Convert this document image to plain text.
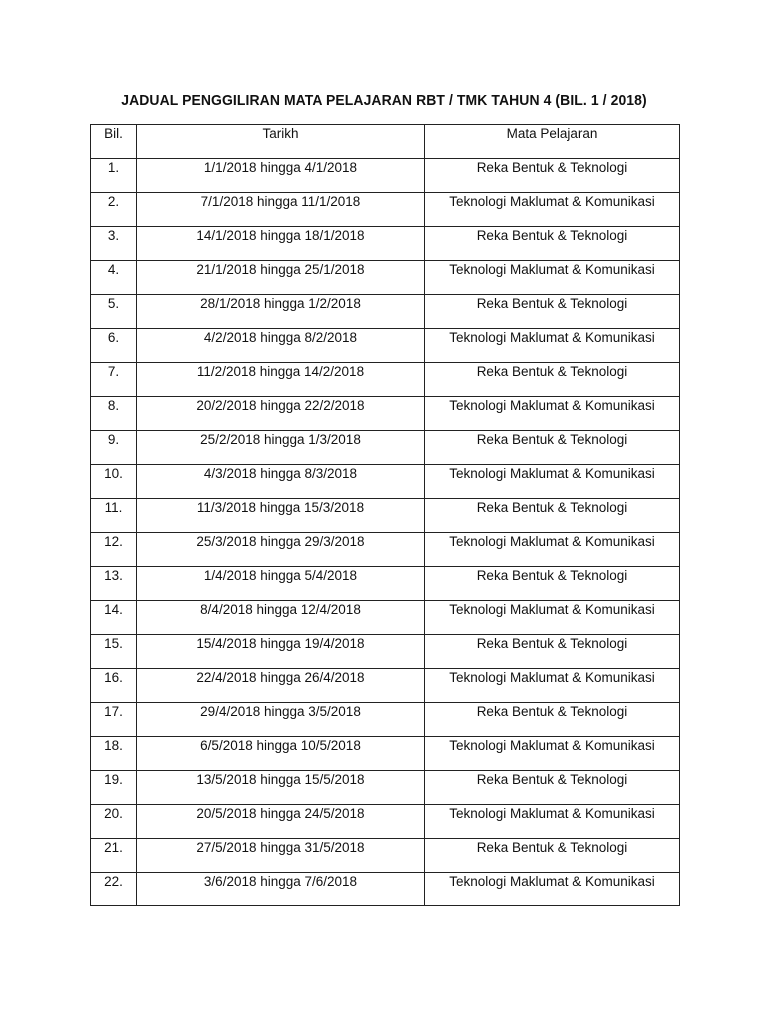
JADUAL PENGGILIRAN MATA PELAJARAN RBT / TMK TAHUN 4 (BIL. 1 / 2018)
Bil.	Tarikh	Mata Pelajaran
1.	1/1/2018 hingga 4/1/2018	Reka Bentuk & Teknologi
2.	7/1/2018 hingga 11/1/2018	Teknologi Maklumat & Komunikasi
3.	14/1/2018 hingga 18/1/2018	Reka Bentuk & Teknologi
4.	21/1/2018 hingga 25/1/2018	Teknologi Maklumat & Komunikasi
5.	28/1/2018 hingga 1/2/2018	Reka Bentuk & Teknologi
6.	4/2/2018 hingga 8/2/2018	Teknologi Maklumat & Komunikasi
7.	11/2/2018 hingga 14/2/2018	Reka Bentuk & Teknologi
8.	20/2/2018 hingga 22/2/2018	Teknologi Maklumat & Komunikasi
9.	25/2/2018 hingga 1/3/2018	Reka Bentuk & Teknologi
10.	4/3/2018 hingga 8/3/2018	Teknologi Maklumat & Komunikasi
11.	11/3/2018 hingga 15/3/2018	Reka Bentuk & Teknologi
12.	25/3/2018 hingga 29/3/2018	Teknologi Maklumat & Komunikasi
13.	1/4/2018 hingga 5/4/2018	Reka Bentuk & Teknologi
14.	8/4/2018 hingga 12/4/2018	Teknologi Maklumat & Komunikasi
15.	15/4/2018 hingga 19/4/2018	Reka Bentuk & Teknologi
16.	22/4/2018 hingga 26/4/2018	Teknologi Maklumat & Komunikasi
17.	29/4/2018 hingga 3/5/2018	Reka Bentuk & Teknologi
18.	6/5/2018 hingga 10/5/2018	Teknologi Maklumat & Komunikasi
19.	13/5/2018 hingga 15/5/2018	Reka Bentuk & Teknologi
20.	20/5/2018 hingga 24/5/2018	Teknologi Maklumat & Komunikasi
21.	27/5/2018 hingga 31/5/2018	Reka Bentuk & Teknologi
22.	3/6/2018 hingga 7/6/2018	Teknologi Maklumat & Komunikasi
